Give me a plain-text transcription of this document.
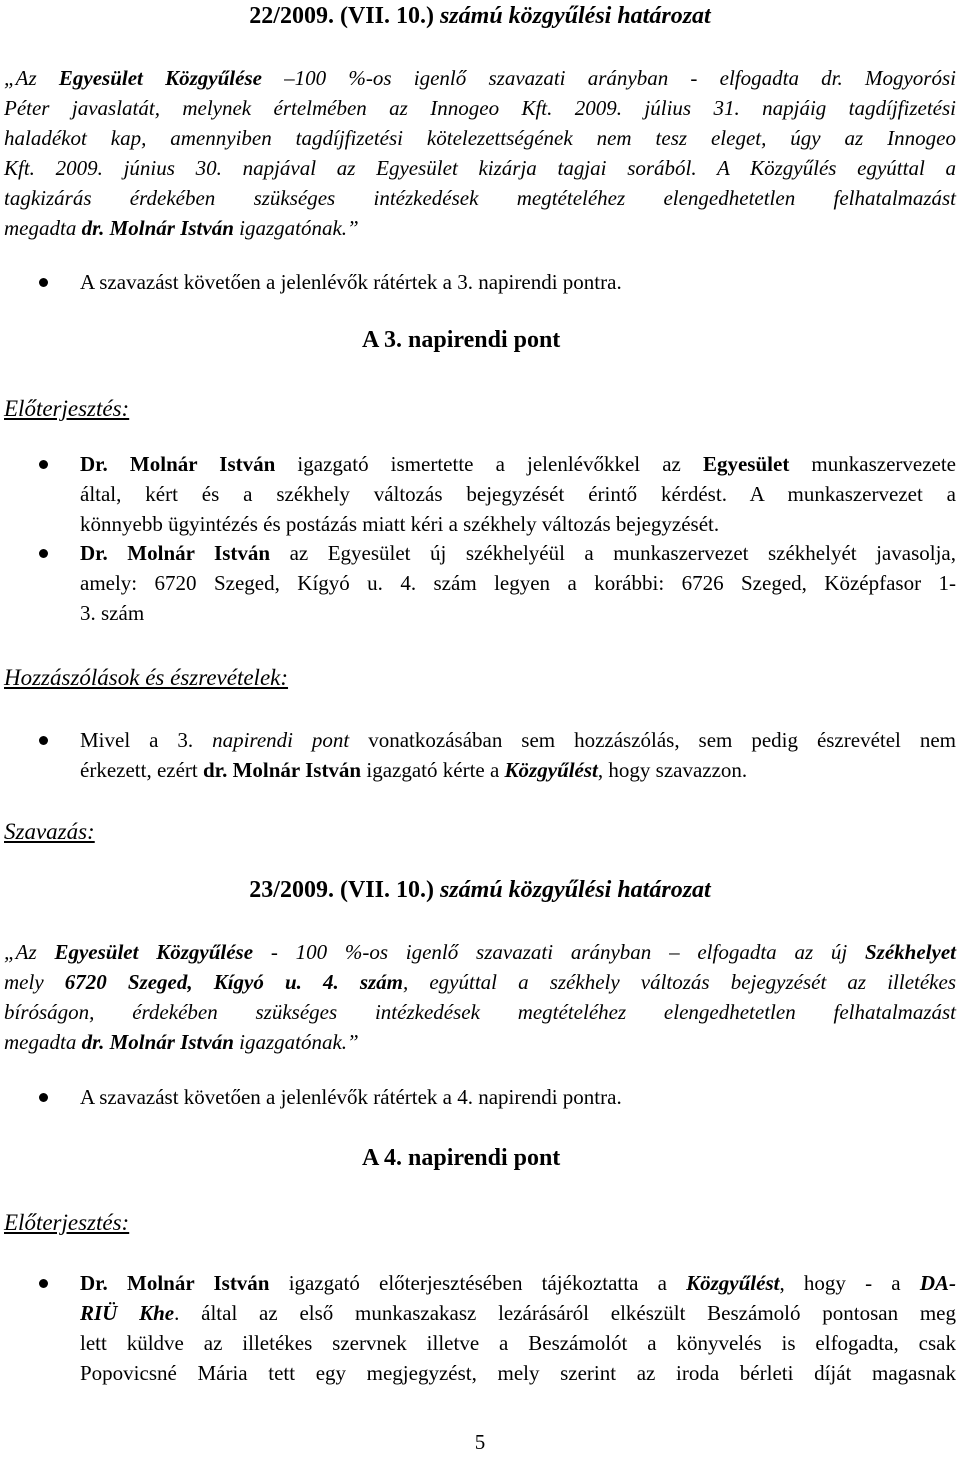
22/2009. (VII. 10.) számú közgyűlési határozat
„Az Egyesület Közgyűlése –100 %-os igenlő szavazati arányban - elfogadta dr. Mogyorósi
Péter javaslatát, melynek értelmében az Innogeo Kft. 2009. július 31. napjáig tagdíjfizetési
haladékot kap, amennyiben tagdíjfizetési kötelezettségének nem tesz eleget, úgy az Innogeo
Kft. 2009. június 30. napjával az Egyesület kizárja tagjai sorából. A Közgyűlés egyúttal a
tagkizárás érdekében szükséges intézkedések megtételéhez elengedhetetlen felhatalmazást
megadta dr. Molnár István igazgatónak.”
A szavazást követően a jelenlévők rátértek a 3. napirendi pontra.
A 3. napirendi pont
Előterjesztés:
Dr. Molnár István igazgató ismertette a jelenlévőkkel az Egyesület munkaszervezete
által, kért és a székhely változás bejegyzését érintő kérdést. A munkaszervezet a
könnyebb ügyintézés és postázás miatt kéri a székhely változás bejegyzését.
Dr. Molnár István az Egyesület új székhelyéül a munkaszervezet székhelyét javasolja,
amely: 6720 Szeged, Kígyó u. 4. szám legyen a korábbi: 6726 Szeged, Középfasor 1-
3. szám
Hozzászólások és észrevételek:
Mivel a 3. napirendi pont vonatkozásában sem hozzászólás, sem pedig észrevétel nem
érkezett, ezért dr. Molnár István igazgató kérte a Közgyűlést, hogy szavazzon.
Szavazás:
23/2009. (VII. 10.) számú közgyűlési határozat
„Az Egyesület Közgyűlése - 100 %-os igenlő szavazati arányban – elfogadta az új Székhelyet
mely 6720 Szeged, Kígyó u. 4. szám, egyúttal a székhely változás bejegyzését az illetékes
bíróságon, érdekében szükséges intézkedések megtételéhez elengedhetetlen felhatalmazást
megadta dr. Molnár István igazgatónak.”
A szavazást követően a jelenlévők rátértek a 4. napirendi pontra.
A 4. napirendi pont
Előterjesztés:
Dr. Molnár István igazgató előterjesztésében tájékoztatta a Közgyűlést, hogy - a DA-
RIÜ Khe. által az első munkaszakasz lezárásáról elkészült Beszámoló pontosan meg
lett küldve az illetékes szervnek illetve a Beszámolót a könyvelés is elfogadta, csak
Popovicsné Mária tett egy megjegyzést, mely szerint az iroda bérleti díját magasnak
5
